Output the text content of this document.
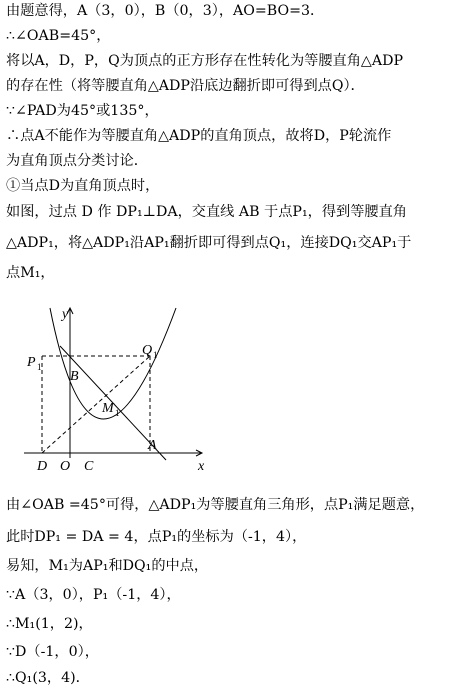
由题意得，A（3，0），B（0，3），AO=BO=3．
∴∠OAB=45°，
将以A，D，P，Q为顶点的正方形存在性转化为等腰直角△ADP
的存在性（将等腰直角△ADP沿底边翻折即可得到点Q）．
∵∠PAD为45°或135°，
∴点A不能作为等腰直角△ADP的直角顶点，故将D，P轮流作
为直角顶点分类讨论．
①当点D为直角顶点时，
如图，过点 D 作 DP₁⊥DA，交直线 AB 于点P₁，得到等腰直角
△ADP₁，将△ADP₁沿AP₁翻折即可得到点Q₁，连接DQ₁交AP₁于
点M₁，
y
x
P 1
Q 1
B
M 1
D O C
A
由∠OAB =45°可得，△ADP₁为等腰直角三角形，点P₁满足题意，
此时DP₁ = DA = 4，点P₁的坐标为（-1，4），
易知，M₁为AP₁和DQ₁的中点，
∵A（3，0），P₁（-1，4），
∴M₁(1，2)，
∵D（-1，0），
∴Q₁(3，4)．
